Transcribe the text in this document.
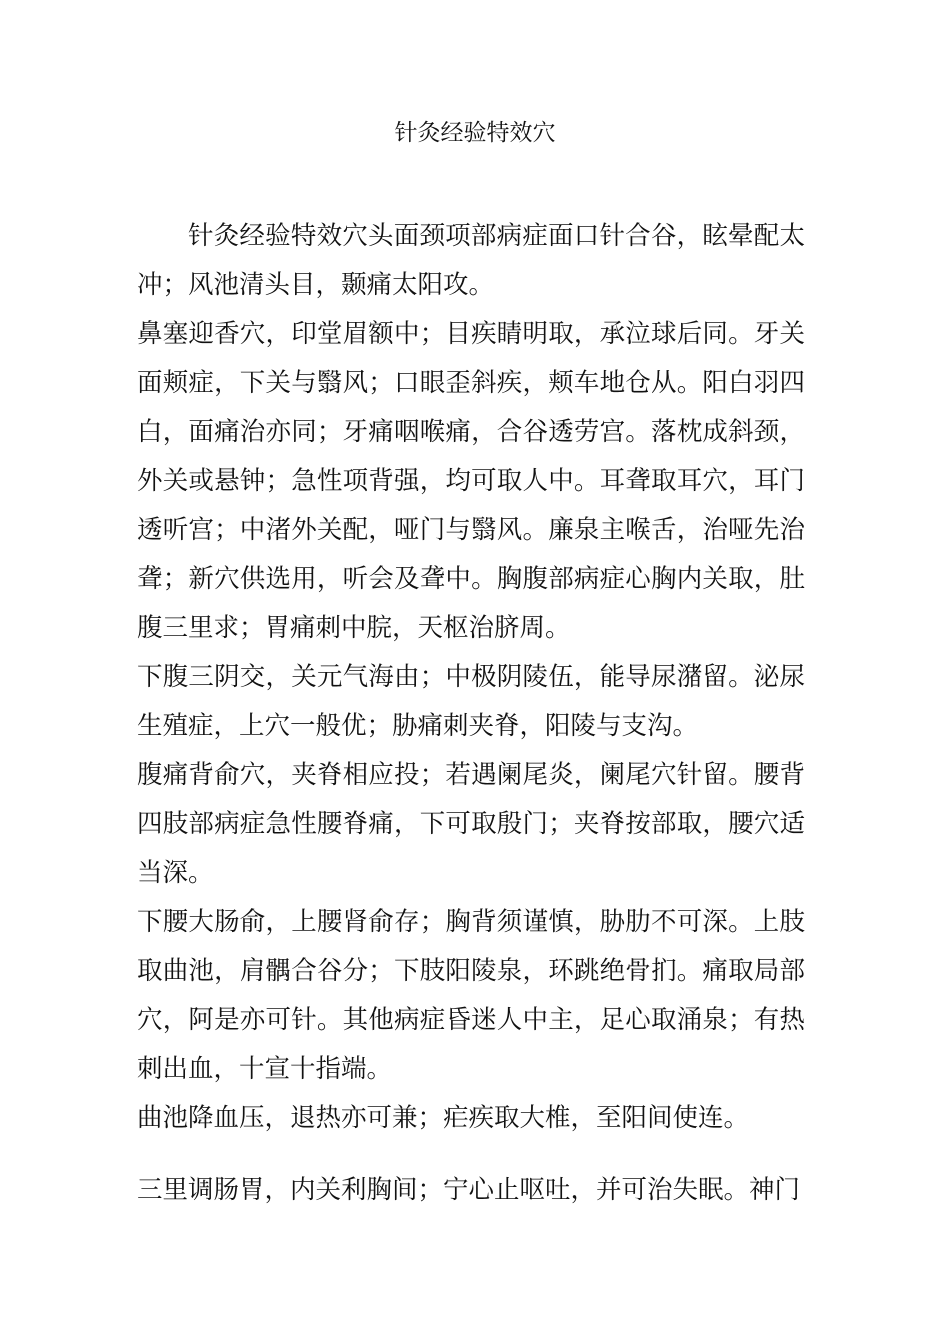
针灸经验特效穴

针灸经验特效穴头面颈项部病症面口针合谷，眩晕配太冲；风池清头目，颞痛太阳攻。

鼻塞迎香穴，印堂眉额中；目疾睛明取，承泣球后同。牙关面颊症，下关与翳风；口眼歪斜疾，颊车地仓从。阳白羽四白，面痛治亦同；牙痛咽喉痛，合谷透劳宫。落枕成斜颈，外关或悬钟；急性项背强，均可取人中。耳聋取耳穴，耳门透听宫；中渚外关配，哑门与翳风。廉泉主喉舌，治哑先治聋；新穴供选用，听会及聋中。胸腹部病症心胸内关取，肚腹三里求；胃痛刺中脘，天枢治脐周。

下腹三阴交，关元气海由；中极阴陵伍，能导尿潴留。泌尿生殖症，上穴一般优；胁痛刺夹脊，阳陵与支沟。

腹痛背俞穴，夹脊相应投；若遇阑尾炎，阑尾穴针留。腰背四肢部病症急性腰脊痛，下可取殷门；夹脊按部取，腰穴适当深。

下腰大肠俞，上腰肾俞存；胸背须谨慎，胁肋不可深。上肢取曲池，肩髃合谷分；下肢阳陵泉，环跳绝骨扪。痛取局部穴，阿是亦可针。其他病症昏迷人中主，足心取涌泉；有热刺出血，十宣十指端。

曲池降血压，退热亦可兼；疟疾取大椎，至阳间使连。

三里调肠胃，内关利胸间；宁心止呕吐，并可治失眠。神门
